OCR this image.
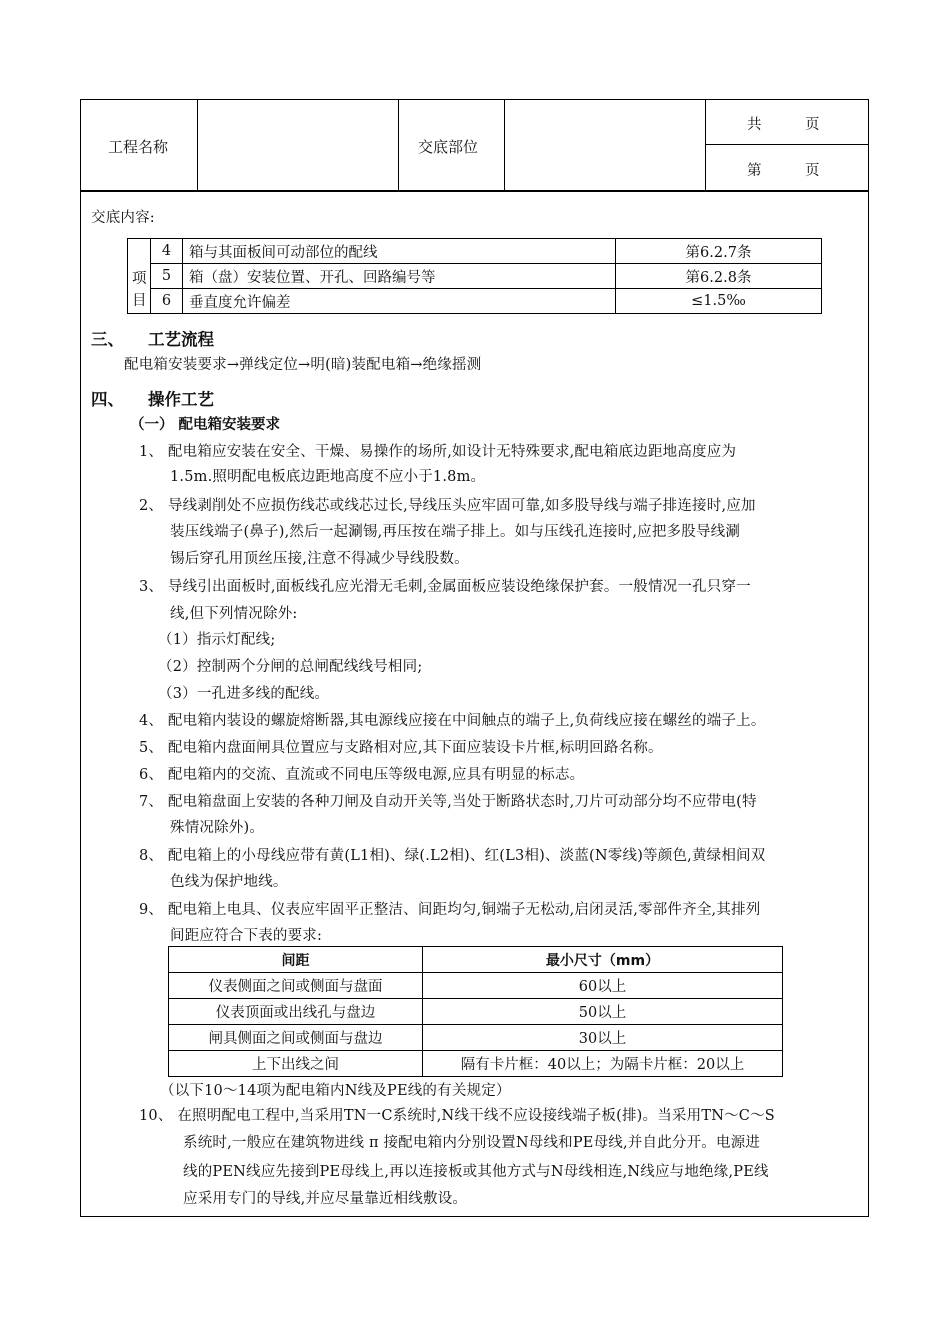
工程名称	交底部位
共　　　页
第　　　页
交底内容:
项目	4	箱与其面板间可动部位的配线	第6.2.7条
	5	箱（盘）安装位置、开孔、回路编号等	第6.2.8条
	6	垂直度允许偏差	≤1.5‰
三、 工艺流程
配电箱安装要求→弹线定位→明(暗)装配电箱→绝缘摇测
四、 操作工艺
（一） 配电箱安装要求
1、 配电箱应安装在安全、干燥、易操作的场所,如设计无特殊要求,配电箱底边距地高度应为
1.5m.照明配电板底边距地高度不应小于1.8m。
2、 导线剥削处不应损伤线芯或线芯过长,导线压头应牢固可靠,如多股导线与端子排连接时,应加
装压线端子(鼻子),然后一起涮锡,再压按在端子排上。如与压线孔连接时,应把多股导线涮
锡后穿孔用顶丝压接,注意不得减少导线股数。
3、 导线引出面板时,面板线孔应光滑无毛刺,金属面板应装设绝缘保护套。一般情况一孔只穿一
线,但下列情况除外:
（1）指示灯配线;
（2）控制两个分闸的总闸配线线号相同;
（3）一孔进多线的配线。
4、 配电箱内装设的螺旋熔断器,其电源线应接在中间触点的端子上,负荷线应接在螺丝的端子上。
5、 配电箱内盘面闸具位置应与支路相对应,其下面应装设卡片框,标明回路名称。
6、 配电箱内的交流、直流或不同电压等级电源,应具有明显的标志。
7、 配电箱盘面上安装的各种刀闸及自动开关等,当处于断路状态时,刀片可动部分均不应带电(特
殊情况除外)。
8、 配电箱上的小母线应带有黄(L1相)、绿(.L2相)、红(L3相)、淡蓝(N零线)等颜色,黄绿相间双
色线为保护地线。
9、 配电箱上电具、仪表应牢固平正整洁、间距均匀,铜端子无松动,启闭灵活,零部件齐全,其排列
间距应符合下表的要求:
间距	最小尺寸（mm）
仪表侧面之间或侧面与盘面	60以上
仪表顶面或出线孔与盘边	50以上
闸具侧面之间或侧面与盘边	30以上
上下出线之间	隔有卡片框：40以上；为隔卡片框：20以上
（以下10～14项为配电箱内N线及PE线的有关规定）
10、 在照明配电工程中,当采用TN一C系统时,N线干线不应设接线端子板(排)。当采用TN～C～S
系统时,一般应在建筑物进线 π 接配电箱内分别设置N母线和PE母线,并自此分开。电源进
线的PEN线应先接到PE母线上,再以连接板或其他方式与N母线相连,N线应与地绝缘,PE线
应采用专门的导线,并应尽量靠近相线敷设。
